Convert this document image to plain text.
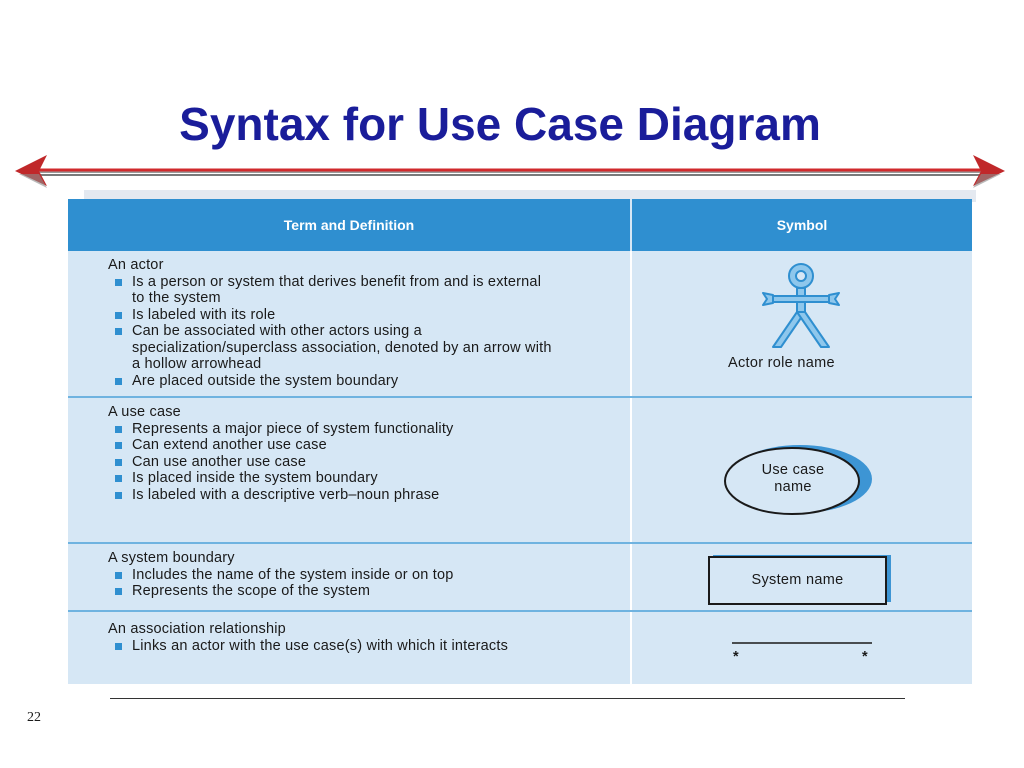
Syntax for Use Case Diagram
Term and Definition	Symbol

An actor

Is a person or system that derives benefit from and is external to the system
Is labeled with its role
Can be associated with other actors using a specialization/superclass association, denoted by an arrow with a hollow arrowhead
Are placed outside the system boundary
Actor role name

A use case

Represents a major piece of system functionality
Can extend another use case
Can use another use case
Is placed inside the system boundary
Is labeled with a descriptive verb–noun phrase
Use case
name

A system boundary

Includes the name of the system inside or on top
Represents the scope of the system
System name

An association relationship

Links an actor with the use case(s) with which it interacts
*	*
22
